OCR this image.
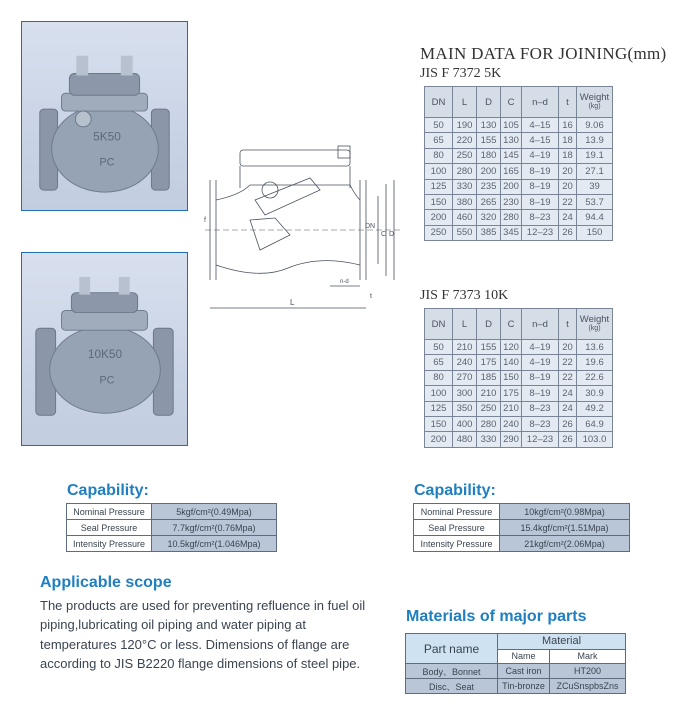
5K50
PC
10K50
PC
L
DN
C D
n-d
t
f
MAIN DATA FOR JOINING(mm)
JIS F 7372 5K
JIS F 7373 10K
DN	L	D	C	n–d	t	Weight
(kg)

50	190	130	105	4–15	16	9.06
65	220	155	130	4–15	18	13.9
80	250	180	145	4–19	18	19.1
100	280	200	165	8–19	20	27.1
125	330	235	200	8–19	20	39
150	380	265	230	8–19	22	53.7
200	460	320	280	8–23	24	94.4
250	550	385	345	12–23	26	150
DN	L	D	C	n–d	t	Weight
(kg)

50	210	155	120	4–19	20	13.6
65	240	175	140	4–19	22	19.6
80	270	185	150	8–19	22	22.6
100	300	210	175	8–19	24	30.9
125	350	250	210	8–23	24	49.2
150	400	280	240	8–23	26	64.9
200	480	330	290	12–23	26	103.0
Capability:
Nominal Pressure	5kgf/cm²(0.49Mpa)
Seal Pressure	7.7kgf/cm²(0.76Mpa)
Intensity Pressure	10.5kgf/cm²(1.046Mpa)
Capability:
Nominal Pressure	10kgf/cm²(0.98Mpa)
Seal Pressure	15.4kgf/cm²(1.51Mpa)
Intensity Pressure	21kgf/cm²(2.06Mpa)
Applicable scope
The products are used for preventing refluence in fuel oil piping,lubricating oil piping and water piping at temperatures 120°C or less. Dimensions of flange are according to JIS B2220 flange dimensions of steel pipe.
Materials of major parts
Part name	Material	
	Name	Mark
Body、Bonnet	Cast iron	HT200
Disc、Seat	Tin-bronze	ZCuSnspbsZns
